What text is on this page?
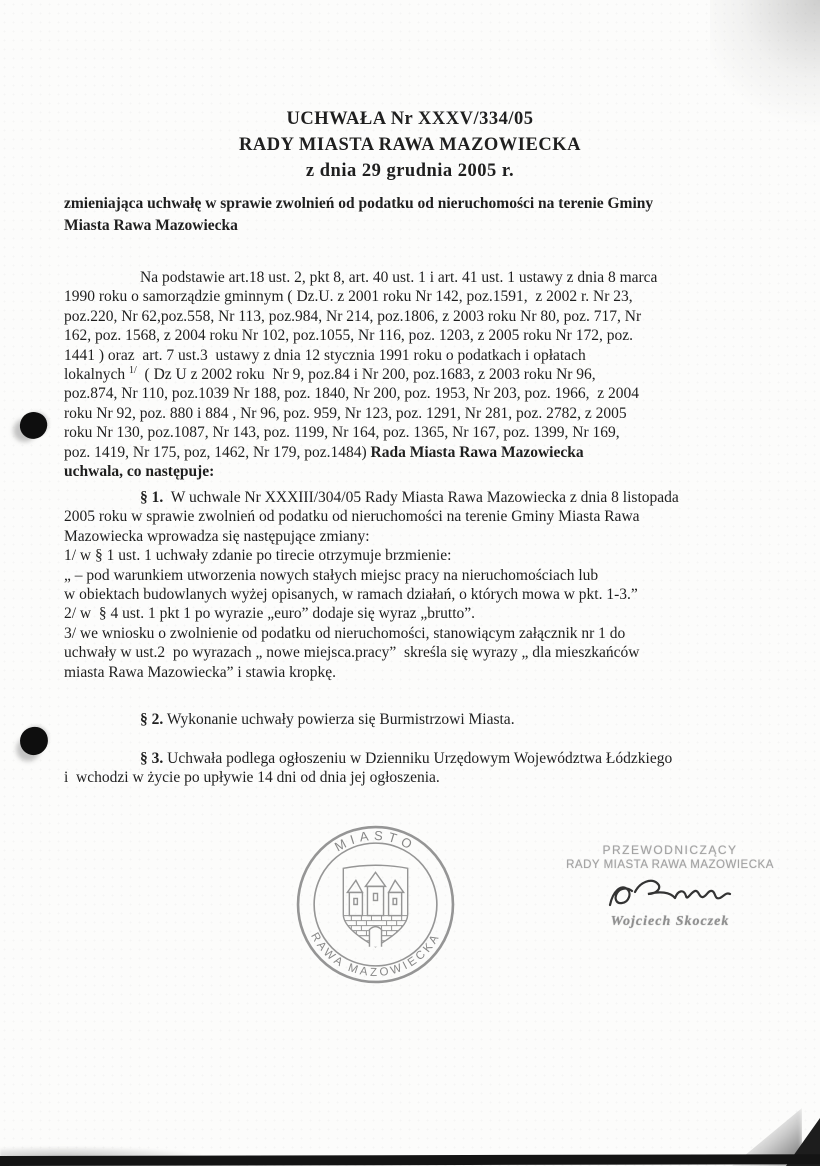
UCHWAŁA Nr XXXV/334/05
RADY MIASTA RAWA MAZOWIECKA
z dnia 29 grudnia 2005 r.
zmieniająca uchwałę w sprawie zwolnień od podatku od nieruchomości na terenie Gminy
Miasta Rawa Mazowiecka
Na podstawie art.18 ust. 2, pkt 8, art. 40 ust. 1 i art. 41 ust. 1 ustawy z dnia 8 marca
1990 roku o samorządzie gminnym ( Dz.U. z 2001 roku Nr 142, poz.1591,  z 2002 r. Nr 23,
poz.220, Nr 62,poz.558, Nr 113, poz.984, Nr 214, poz.1806, z 2003 roku Nr 80, poz. 717, Nr
162, poz. 1568, z 2004 roku Nr 102, poz.1055, Nr 116, poz. 1203, z 2005 roku Nr 172, poz.
1441 ) oraz  art. 7 ust.3  ustawy z dnia 12 stycznia 1991 roku o podatkach i opłatach
lokalnych $^{1/}$  ( Dz U z 2002 roku  Nr 9, poz.84 i Nr 200, poz.1683, z 2003 roku Nr 96,
poz.874, Nr 110, poz.1039 Nr 188, poz. 1840, Nr 200, poz. 1953, Nr 203, poz. 1966,  z 2004
roku Nr 92, poz. 880 i 884 , Nr 96, poz. 959, Nr 123, poz. 1291, Nr 281, poz. 2782, z 2005
roku Nr 130, poz.1087, Nr 143, poz. 1199, Nr 164, poz. 1365, Nr 167, poz. 1399, Nr 169,
poz. 1419, Nr 175, poz, 1462, Nr 179, poz.1484) Rada Miasta Rawa Mazowiecka
uchwala, co następuje:
§ 1.  W uchwale Nr XXXIII/304/05 Rady Miasta Rawa Mazowiecka z dnia 8 listopada
2005 roku w sprawie zwolnień od podatku od nieruchomości na terenie Gminy Miasta Rawa
Mazowiecka wprowadza się następujące zmiany:
1/ w § 1 ust. 1 uchwały zdanie po tirecie otrzymuje brzmienie:
„ – pod warunkiem utworzenia nowych stałych miejsc pracy na nieruchomościach lub
w obiektach budowlanych wyżej opisanych, w ramach działań, o których mowa w pkt. 1-3.”
2/ w  § 4 ust. 1 pkt 1 po wyrazie „euro” dodaje się wyraz „brutto”.
3/ we wniosku o zwolnienie od podatku od nieruchomości, stanowiącym załącznik nr 1 do
uchwały w ust.2  po wyrazach „ nowe miejsca.pracy”  skreśla się wyrazy „ dla mieszkańców
miasta Rawa Mazowiecka” i stawia kropkę.
§ 2. Wykonanie uchwały powierza się Burmistrzowi Miasta.
§ 3. Uchwała podlega ogłoszeniu w Dzienniku Urzędowym Województwa Łódzkiego
i  wchodzi w życie po upływie 14 dni od dnia jej ogłoszenia.
MIASTO
RAWA MAZOWIECKA
PRZEWODNICZĄCY
RADY MIASTA RAWA MAZOWIECKA
Wojciech Skoczek
